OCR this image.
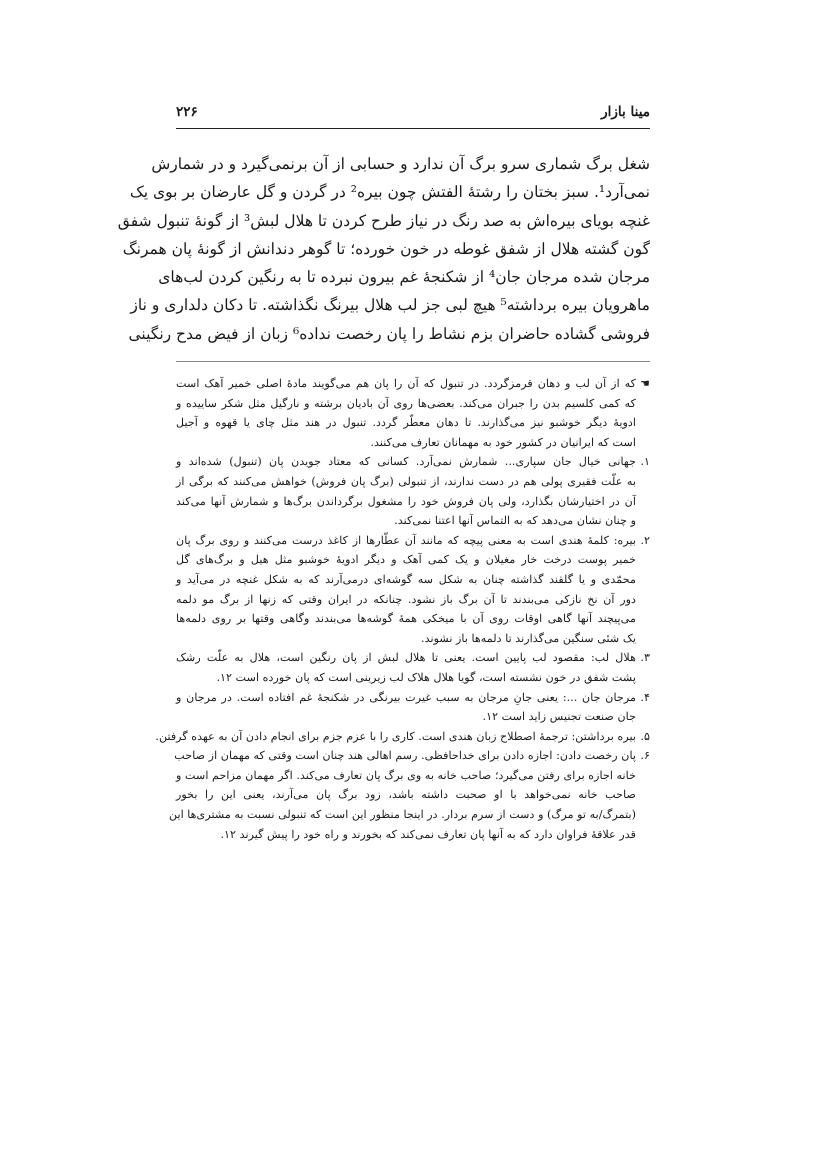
مینا بازار
۲۲۶
شغل برگ شماری سرو برگ آن ندارد و حسابی از آن برنمی‌گیرد و در شمارش
نمی‌آرد¹. سبز بختان را رشتهٔ الفتش چون بیره² در گردن و گل عارضان بر بوی یک
غنچه بویای بیره‌اش به صد رنگ در نیاز طرح کردن تا هلال لبش³ از گونهٔ تنبول شفق
گون گشته هلال از شفق غوطه در خون خورده؛ تا گوهر دندانش از گونهٔ پان همرنگ
مرجان شده مرجان جان⁴ از شکنجهٔ غم بیرون نبرده تا به رنگین کردن لب‌های
ماهرویان بیره برداشته⁵ هیچ لبی جز لب هلال بیرنگ نگذاشته. تا دکان دلداری و ناز
فروشی گشاده حاضران بزم نشاط را پان رخصت نداده⁶ زبان از فیض مدح رنگینی
☚
که از آن لب و دهان قرمزگردد. در تنبول که آن را پان هم می‌گویند مادهٔ اصلی خمیر آهک است
که کمی کلسیم بدن را جبران می‌کند. بعضی‌ها روی آن بادیان برشته و نارگیل مثل شکر ساییده و
ادویهٔ دیگر خوشبو نیز می‌گذارند. تا دهان معطّر گردد. تنبول در هند مثل چای یا قهوه و آجیل
است که ایرانیان در کشور خود به مهمانان تعارف می‌کنند.
۱.
جهانی خیال جان سپاری... شمارش نمی‌آرد. کسانی که معتاد جویدن پان (تنبول) شده‌اند و
به علّت فقیری پولی هم در دست ندارند، از تنبولی (برگ پان فروش) خواهش می‌کنند که برگی از
آن در اختیارشان بگذارد، ولی پان فروش خود را مشغول برگرداندن برگ‌ها و شمارش آنها می‌کند
و چنان نشان می‌دهد که به التماس آنها اعتنا نمی‌کند.
۲.
بیره: کلمهٔ هندی است به معنی پیچه که مانند آن عطّارها از کاغذ درست می‌کنند و روی برگ پان
خمیر پوست درخت خار مغیلان و یک کمی آهک و دیگر ادویهٔ خوشبو مثل هیل و برگ‌های گل
محمّدی و یا گلقند گذاشته چنان به شکل سه گوشه‌ای درمی‌آرند که به شکل غنچه در می‌آید و
دور آن نخ نازکی می‌بندند تا آن برگ باز نشود. چنانکه در ایران وقتی که زنها از برگ مو دلمه
می‌پیچند آنها گاهی اوقات روی آن با میخکی همهٔ گوشه‌ها می‌بندند وگاهی وقتها بر روی دلمه‌ها
یک شئی سنگین می‌گذارند تا دلمه‌ها باز نشوند.
۳.
هلال لب: مقصود لب پایین است. یعنی تا هلال لبش از پان رنگین است، هلال به علّت رشک
پشت شفق در خون نشسته است، گویا هلال هلاک لب زیرینی است که پان خورده است ۱۲.
۴.
مرجان جان ...: یعنی جانِ مرجان به سبب غیرت بیرنگی در شکنجهٔ غم افتاده است. در مرجان و
جان صنعت تجنیس زاید است ۱۲.
۵.
بیره برداشتن: ترجمهٔ اصطلاح زبان هندی است. کاری را با عزم جزم برای انجام دادن آن به عهده گرفتن.
۶.
پان رخصت دادن: اجازه دادن برای خداحافظی. رسم اهالی هند چنان است وقتی که مهمان از صاحب
خانه اجازه برای رفتن می‌گیرد؛ صاحب خانه به وی برگ پان تعارف می‌کند. اگر مهمان مزاحم است و
صاحب خانه نمی‌خواهد با او صحبت داشته باشد، زود برگ پان می‌آرند، یعنی این را بخور
(بتمرگ/به تو مرگ) و دست از سرم بردار. در اینجا منظور این است که تنبولی نسبت به مشتری‌ها این
قدر علاقهٔ فراوان دارد که به آنها پان تعارف نمی‌کند که بخورند و راه خود را پیش گیرند ۱۲.
